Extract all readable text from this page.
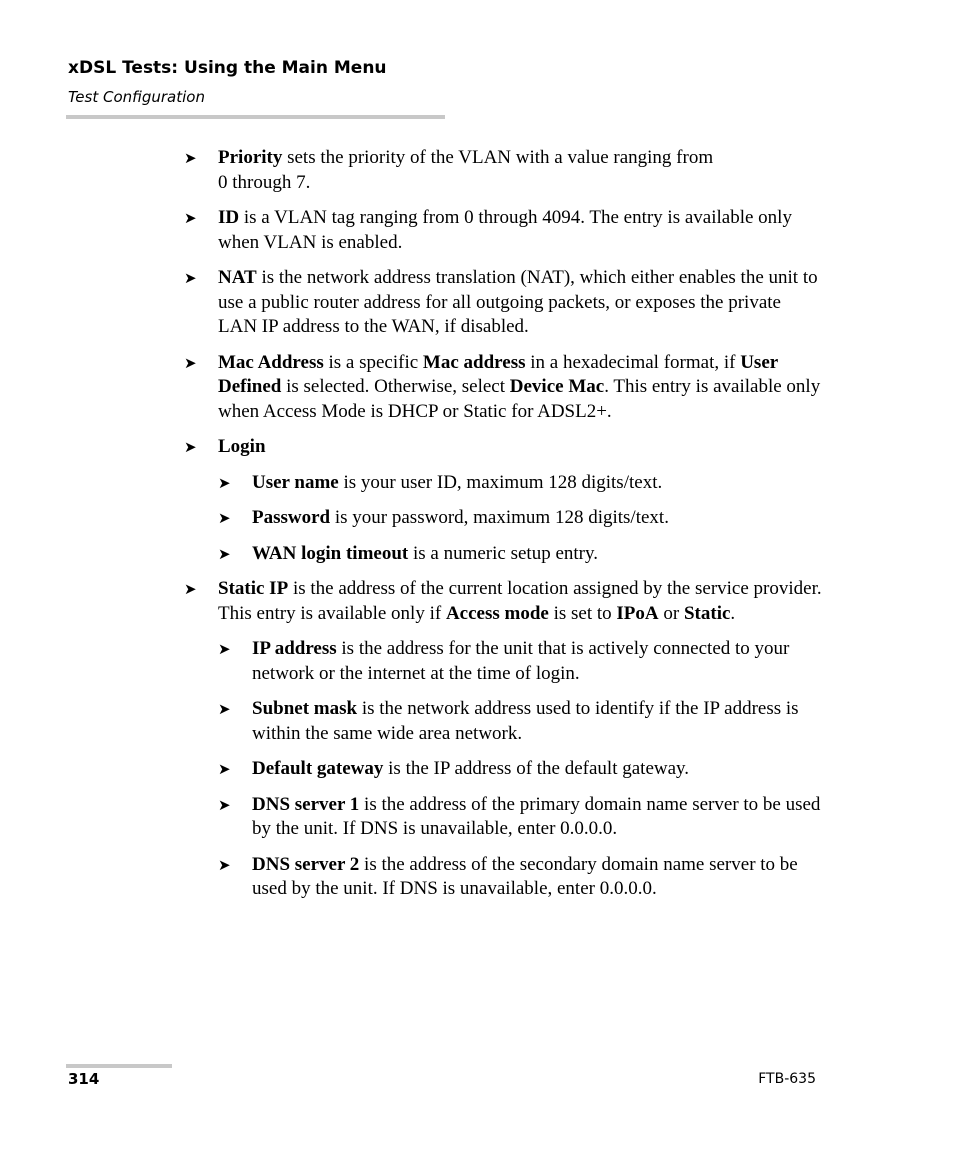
xDSL Tests: Using the Main Menu
Test Configuration
➤ Priority sets the priority of the VLAN with a value ranging from
0 through 7.
➤ ID is a VLAN tag ranging from 0 through 4094. The entry is available only when VLAN is enabled.
➤ NAT is the network address translation (NAT), which either enables the unit to use a public router address for all outgoing packets, or exposes the private LAN IP address to the WAN, if disabled.
➤ Mac Address is a specific Mac address in a hexadecimal format, if User Defined is selected. Otherwise, select Device Mac. This entry is available only when Access Mode is DHCP or Static for ADSL2+.
➤ Login
➤ User name is your user ID, maximum 128 digits/text.
➤ Password is your password, maximum 128 digits/text.
➤ WAN login timeout is a numeric setup entry.
➤ Static IP is the address of the current location assigned by the service provider. This entry is available only if Access mode is set to IPoA or Static.
➤ IP address is the address for the unit that is actively connected to your network or the internet at the time of login.
➤ Subnet mask is the network address used to identify if the IP address is within the same wide area network.
➤ Default gateway is the IP address of the default gateway.
➤ DNS server 1 is the address of the primary domain name server to be used by the unit. If DNS is unavailable, enter 0.0.0.0.
➤ DNS server 2 is the address of the secondary domain name server to be used by the unit. If DNS is unavailable, enter 0.0.0.0.
314	FTB-635
